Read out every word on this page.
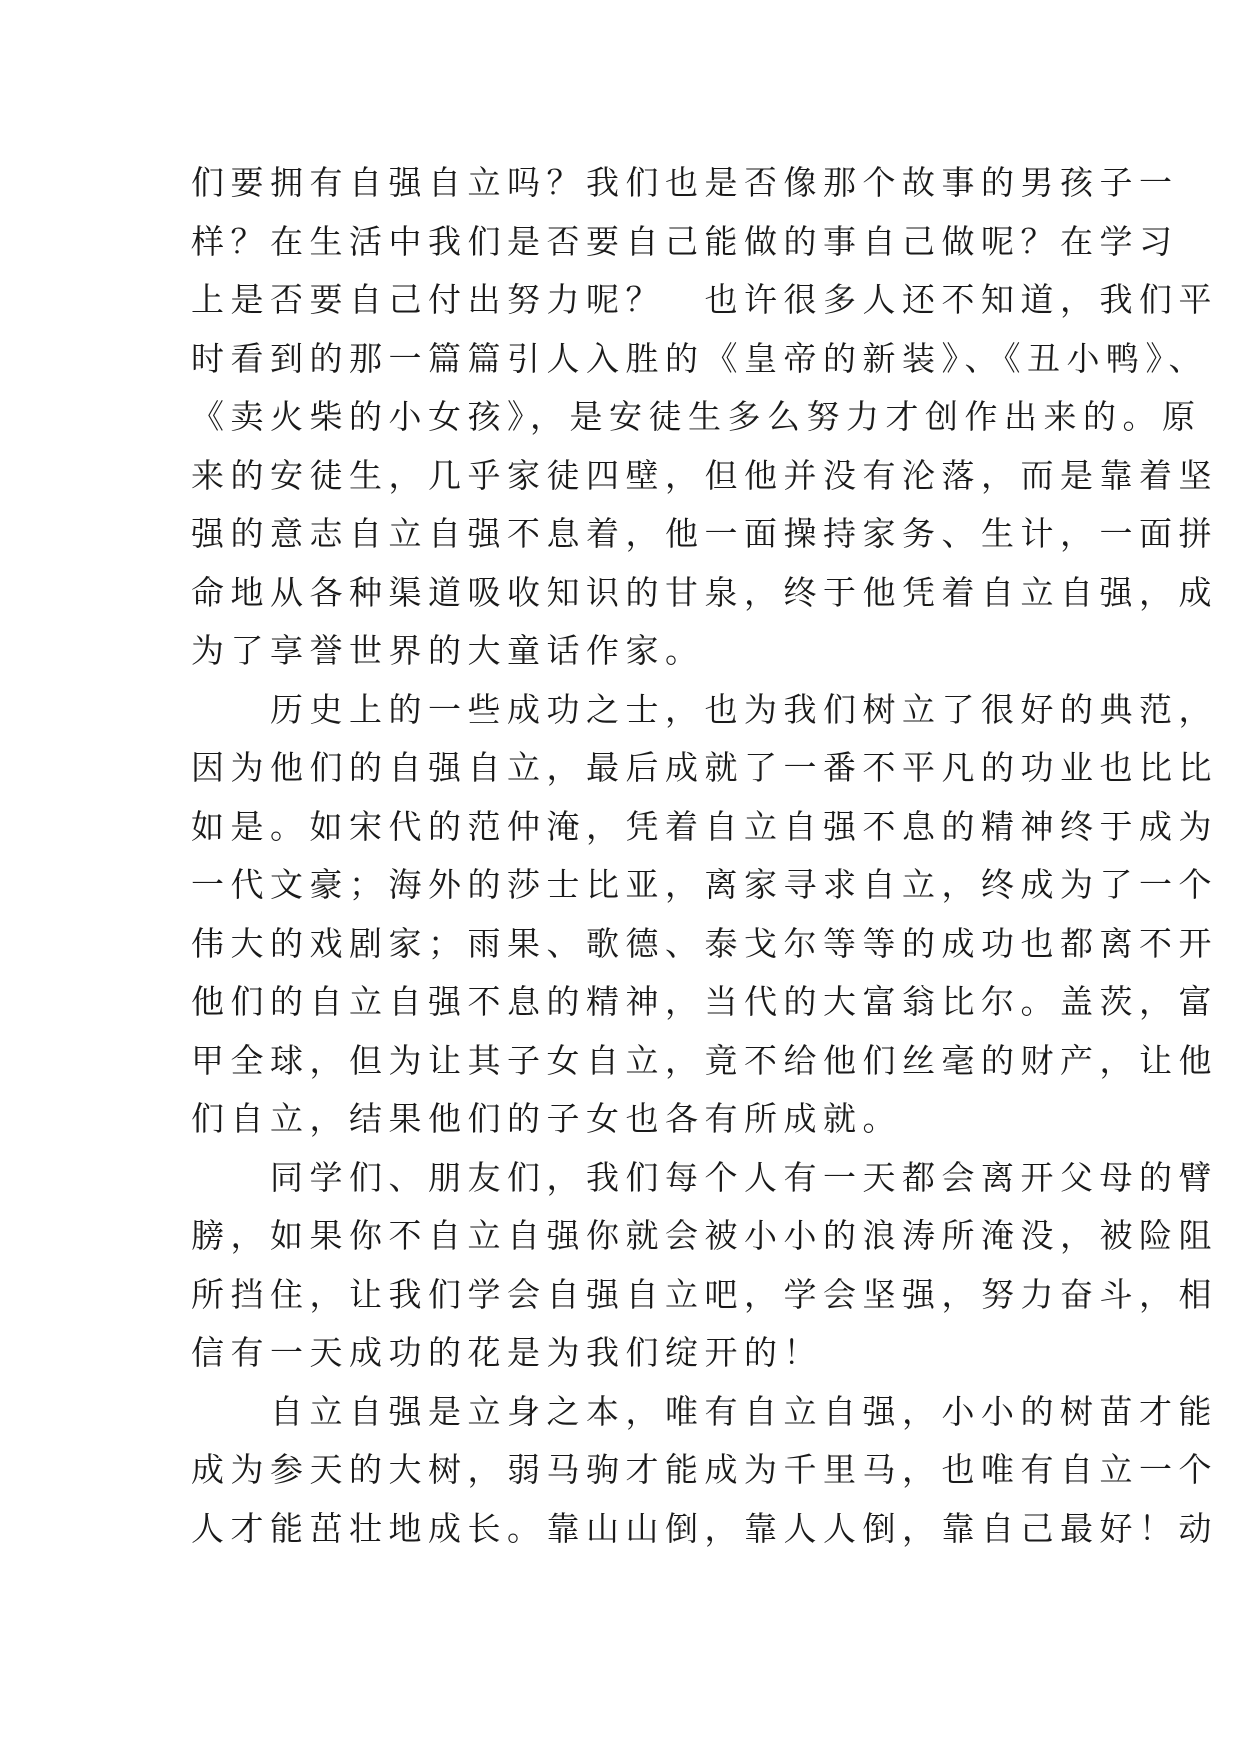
们要拥有自强自立吗？我们也是否像那个故事的男孩子一
样？在生活中我们是否要自己能做的事自己做呢？在学习
上是否要自己付出努力呢？　也许很多人还不知道，我们平
时看到的那一篇篇引人入胜的《皇帝的新装》、《丑小鸭》、
《卖火柴的小女孩》，是安徒生多么努力才创作出来的。原
来的安徒生，几乎家徒四壁，但他并没有沦落，而是靠着坚
强的意志自立自强不息着，他一面操持家务、生计，一面拼
命地从各种渠道吸收知识的甘泉，终于他凭着自立自强，成
为了享誉世界的大童话作家。
历史上的一些成功之士，也为我们树立了很好的典范，
因为他们的自强自立，最后成就了一番不平凡的功业也比比
如是。如宋代的范仲淹，凭着自立自强不息的精神终于成为
一代文豪；海外的莎士比亚，离家寻求自立，终成为了一个
伟大的戏剧家；雨果、歌德、泰戈尔等等的成功也都离不开
他们的自立自强不息的精神，当代的大富翁比尔。盖茨，富
甲全球，但为让其子女自立，竟不给他们丝毫的财产，让他
们自立，结果他们的子女也各有所成就。
同学们、朋友们，我们每个人有一天都会离开父母的臂
膀，如果你不自立自强你就会被小小的浪涛所淹没，被险阻
所挡住，让我们学会自强自立吧，学会坚强，努力奋斗，相
信有一天成功的花是为我们绽开的！
自立自强是立身之本，唯有自立自强，小小的树苗才能
成为参天的大树，弱马驹才能成为千里马，也唯有自立一个
人才能茁壮地成长。靠山山倒，靠人人倒，靠自己最好！动
